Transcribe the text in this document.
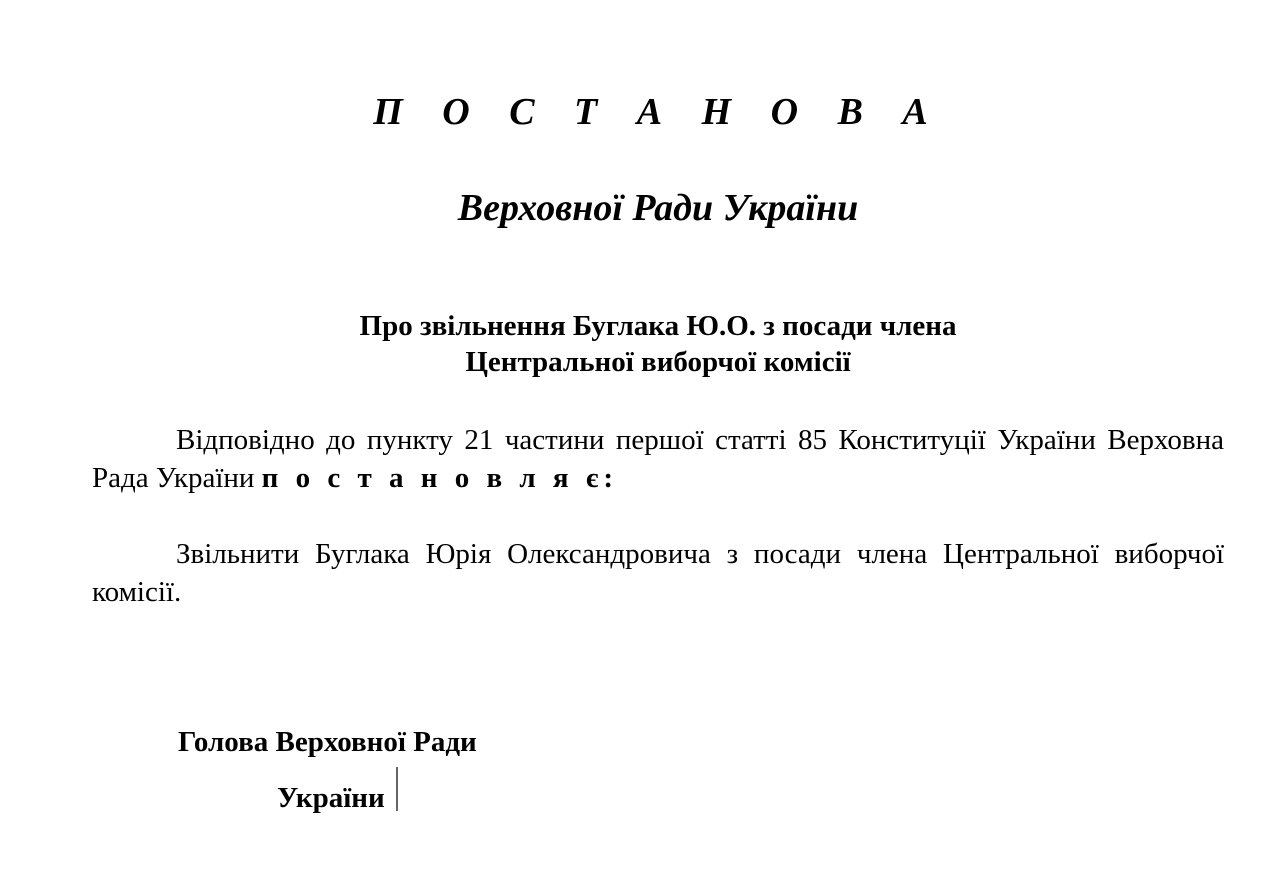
П О С Т А Н О В А
Верховної Ради України
Про звільнення Буглака Ю.О. з посади члена
Центральної виборчої комісії

Відповідно до пункту 21 частини першої статті 85 Конституції України Верховна Рада України п о с т а н о в л я є:

Звільнити Буглака Юрія Олександровича з посади члена Центральної виборчої комісії.

Голова Верховної Ради
України
